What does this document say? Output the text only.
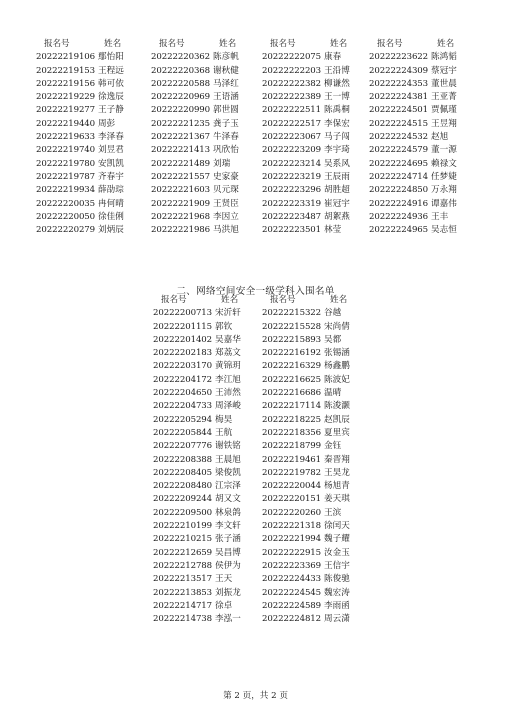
报名号	姓名
20222219106 鄢怡阳
20222219153 王程远
20222219156 韩可依
20222219229 徐逸辰
20222219277 王子静
20222219440 周彭
20222219633 李泽春
20222219740 刘昱君
20222219780 安凯凯
20222219787 齐春宇
20222219934 薛劭琮
20222220035 冉何晴
20222220050 徐佳俐
20222220279 刘炳辰
报名号	姓名
20222220362 陈彦帆
20222220368 谢秋健
20222220588 马泽红
20222220969 王语涵
20222220990 郭世圆
20222221235 龚子玉
20222221367 牛泽春
20222221413 巩欣怡
20222221489 刘瑞
20222221557 史家豪
20222221603 贝元琛
20222221909 王贤臣
20222221968 李因立
20222221986 马洪旭
报名号	姓名
20222222075 康春
20222222203 王沿博
20222222382 柳谦然
20222222389 王一博
20222222511 陈禹桐
20222222517 李保宏
20222223067 马子闯
20222223209 李宇琦
20222223214 吴系风
20222223219 王辰雨
20222223296 胡胜超
20222223319 崔冠宇
20222223487 胡絮燕
20222223501 林莹
报名号	姓名
20222223622 陈鸿韬
20222224309 蔡冠宇
20222224353 董世晨
20222224381 王亚菁
20222224501 贾佩瑾
20222224515 王昱翔
20222224532 赵旭
20222224579 董一源
20222224695 赖禄文
20222224714 任梦婕
20222224850 万永翔
20222224916 谭嘉伟
20222224936 王丰
20222224965 吴志恒
二、网络空间安全一级学科入围名单
报名号	姓名
20222200713 宋沂轩
20222201115 郭钦
20222201402 吴嘉华
20222202183 郑荔文
20222203170 黄锦玥
20222204172 李江旭
20222204650 王沛然
20222204733 周泽峻
20222205294 梅昊
20222205844 王航
20222207776 谢铁铭
20222208388 王晨旭
20222208405 梁俊凯
20222208480 江宗泽
20222209244 胡又文
20222209500 林泉鸽
20222210199 李文轩
20222210215 张子涵
20222212659 吴昌博
20222212788 侯伊为
20222213517 王天
20222213853 刘振龙
20222214717 徐卓
20222214738 李泓一
报名号	姓名
20222215322 谷越
20222215528 宋尚倩
20222215893 吴都
20222216192 张锡涵
20222216329 杨鑫鹏
20222216625 陈波妃
20222216686 温晴
20222217114 陈浚灏
20222218225 赵凯辰
20222218356 夏里宾
20222218799 金钰
20222219461 秦晋翔
20222219782 王昊龙
20222220044 杨旭青
20222220151 姜天琪
20222220260 王滨
20222221318 徐闰天
20222221994 魏子耀
20222222915 汝金玉
20222223369 王信宇
20222224433 陈俊驰
20222224545 魏宏涛
20222224589 李雨函
20222224812 周云潇
第 2 页，共 2 页
